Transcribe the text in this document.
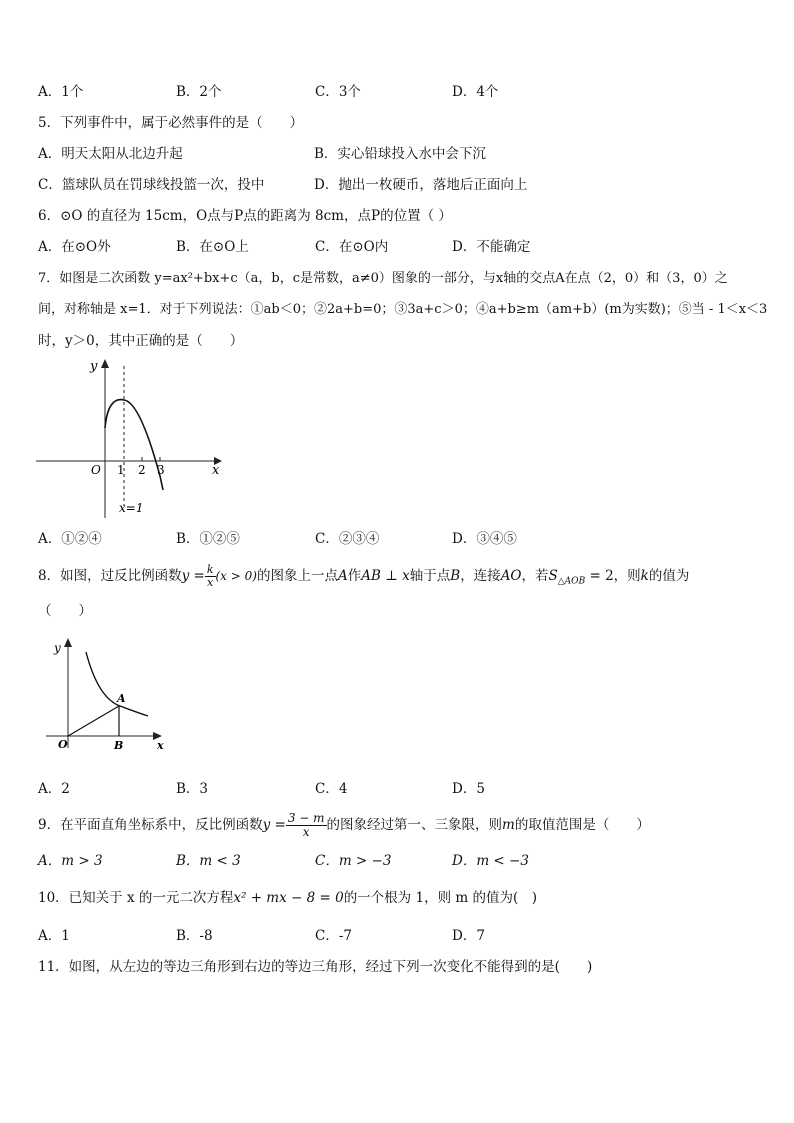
A．1个	B．2个	C．3个	D．4个
5．下列事件中，属于必然事件的是（　　）
A．明天太阳从北边升起	B．实心铅球投入水中会下沉
C．篮球队员在罚球线投篮一次，投中	D．抛出一枚硬币，落地后正面向上
6．⊙O 的直径为 15cm，O点与P点的距离为 8cm，点P的位置（ ）
A．在⊙O外	B．在⊙O上	C．在⊙O内	D．不能确定
7．如图是二次函数 y=ax²+bx+c（a，b，c是常数，a≠0）图象的一部分，与x轴的交点A在点（2，0）和（3，0）之
间，对称轴是 x=1．对于下列说法：①ab＜0；②2a+b=0；③3a+c＞0；④a+b≥m（am+b）(m为实数)；⑤当 - 1＜x＜3
时，y＞0，其中正确的是（　　）
y
O 1 2 3	x
x=1
A．①②④	B．①②⑤	C．②③④	D．③④⑤
8．如图，过反比例函数$y = \frac{k}{x} (x > 0)$的图象上一点A作AB ⊥ x轴于点B，连接AO，若$S_{\triangle AOB} = 2$，则k的值为
（　　）
y
A
O	B	x
A．2	B．3	C．4	D．5
9．在平面直角坐标系中，反比例函数$y = \frac{3 - m}{x}$ 的图象经过第一、三象限，则m的取值范围是（　　）
A．m > 3	B．m < 3	C．m > −3	D．m < −3
10．已知关于 x 的一元二次方程x² + mx − 8 = 0的一个根为 1，则 m 的值为(　)
A．1	B．-8	C．-7	D．7
11．如图，从左边的等边三角形到右边的等边三角形，经过下列一次变化不能得到的是(　　)
